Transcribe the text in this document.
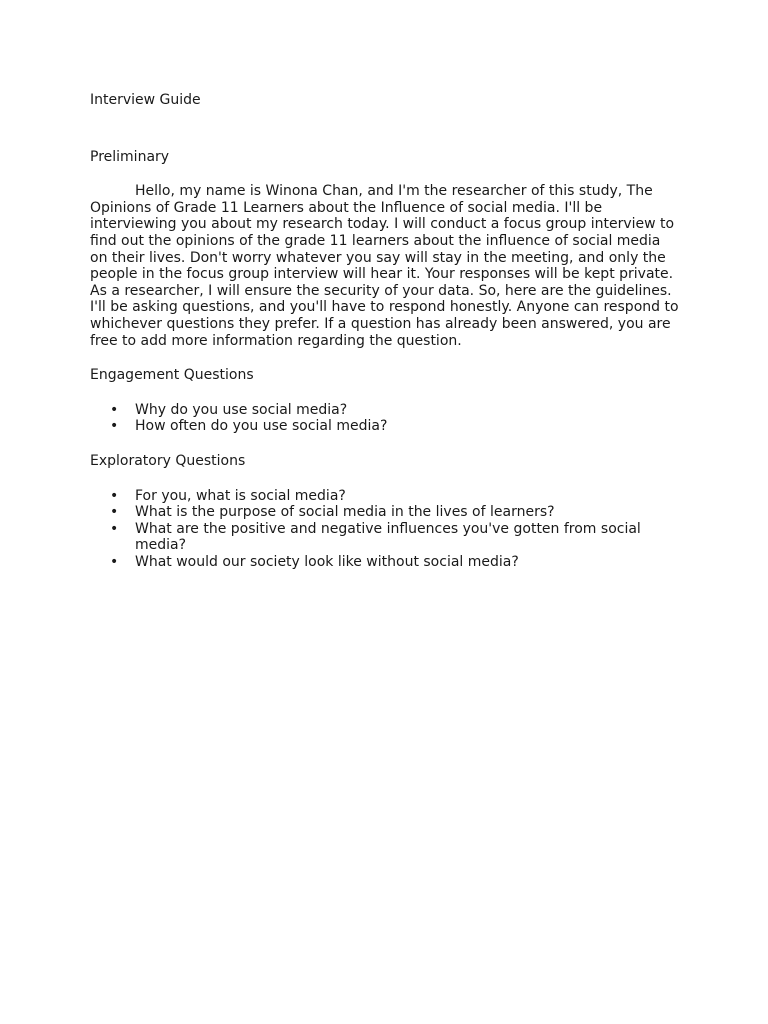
Interview Guide
Preliminary

Hello, my name is Winona Chan, and I'm the researcher of this study, The Opinions of Grade 11 Learners about the Influence of social media. I'll be interviewing you about my research today. I will conduct a focus group interview to find out the opinions of the grade 11 learners about the influence of social media on their lives. Don't worry whatever you say will stay in the meeting, and only the people in the focus group interview will hear it. Your responses will be kept private. As a researcher, I will ensure the security of your data. So, here are the guidelines. I'll be asking questions, and you'll have to respond honestly. Anyone can respond to whichever questions they prefer. If a question has already been answered, you are free to add more information regarding the question.

Engagement Questions
• Why do you use social media?
• How often do you use social media?
Exploratory Questions
• For you, what is social media?
• What is the purpose of social media in the lives of learners?
• What are the positive and negative influences you've gotten from social media?
• What would our society look like without social media?
